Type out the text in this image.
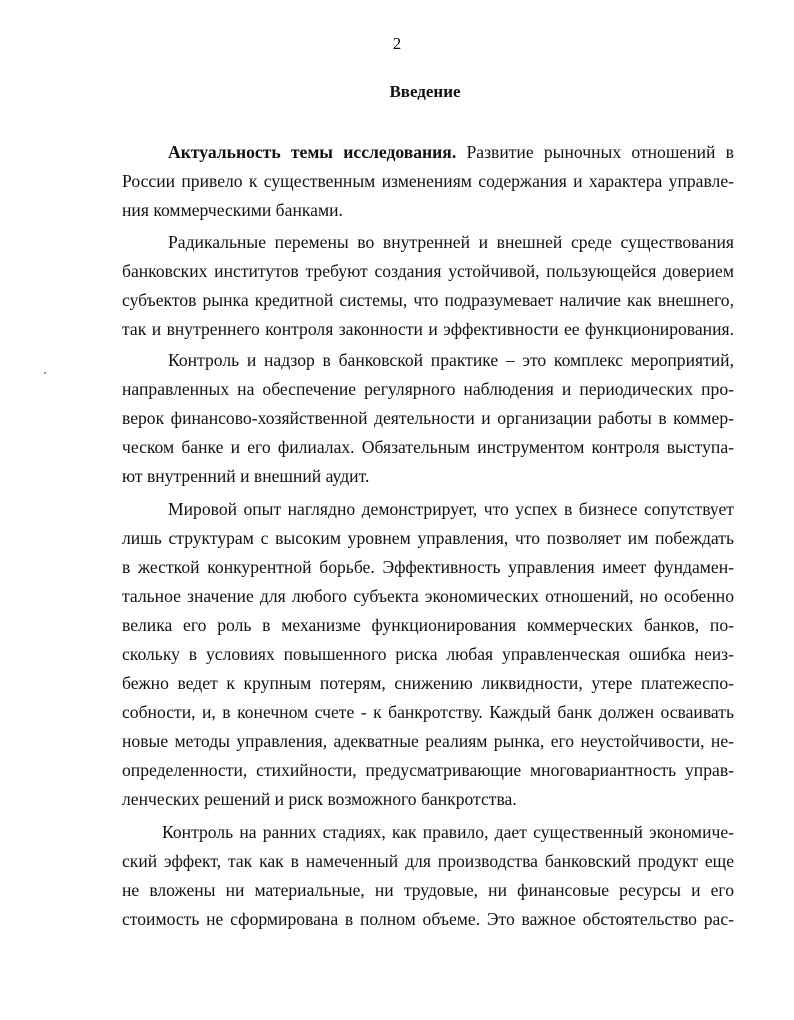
2
Введение
Актуальность темы исследования. Развитие рыночных отношений в
России привело к существенным изменениям содержания и характера управле-
ния коммерческими банками.
Радикальные перемены во внутренней и внешней среде существования
банковских институтов требуют создания устойчивой, пользующейся доверием
субъектов рынка кредитной системы, что подразумевает наличие как внешнего,
так и внутреннего контроля законности и эффективности ее функционирования.
Контроль и надзор в банковской практике – это комплекс мероприятий,
направленных на обеспечение регулярного наблюдения и периодических про-
верок финансово-хозяйственной деятельности и организации работы в коммер-
ческом банке и его филиалах. Обязательным инструментом контроля выступа-
ют внутренний и внешний аудит.
Мировой опыт наглядно демонстрирует, что успех в бизнесе сопутствует
лишь структурам с высоким уровнем управления, что позволяет им побеждать
в жесткой конкурентной борьбе. Эффективность управления имеет фундамен-
тальное значение для любого субъекта экономических отношений, но особенно
велика его роль в механизме функционирования коммерческих банков, по-
скольку в условиях повышенного риска любая управленческая ошибка неиз-
бежно ведет к крупным потерям, снижению ликвидности, утере платежеспо-
собности, и, в конечном счете - к банкротству. Каждый банк должен осваивать
новые методы управления, адекватные реалиям рынка, его неустойчивости, не-
определенности, стихийности, предусматривающие многовариантность управ-
ленческих решений и риск возможного банкротства.
Контроль на ранних стадиях, как правило, дает существенный экономиче-
ский эффект, так как в намеченный для производства банковский продукт еще
не вложены ни материальные, ни трудовые, ни финансовые ресурсы и его
стоимость не сформирована в полном объеме. Это важное обстоятельство рас-
